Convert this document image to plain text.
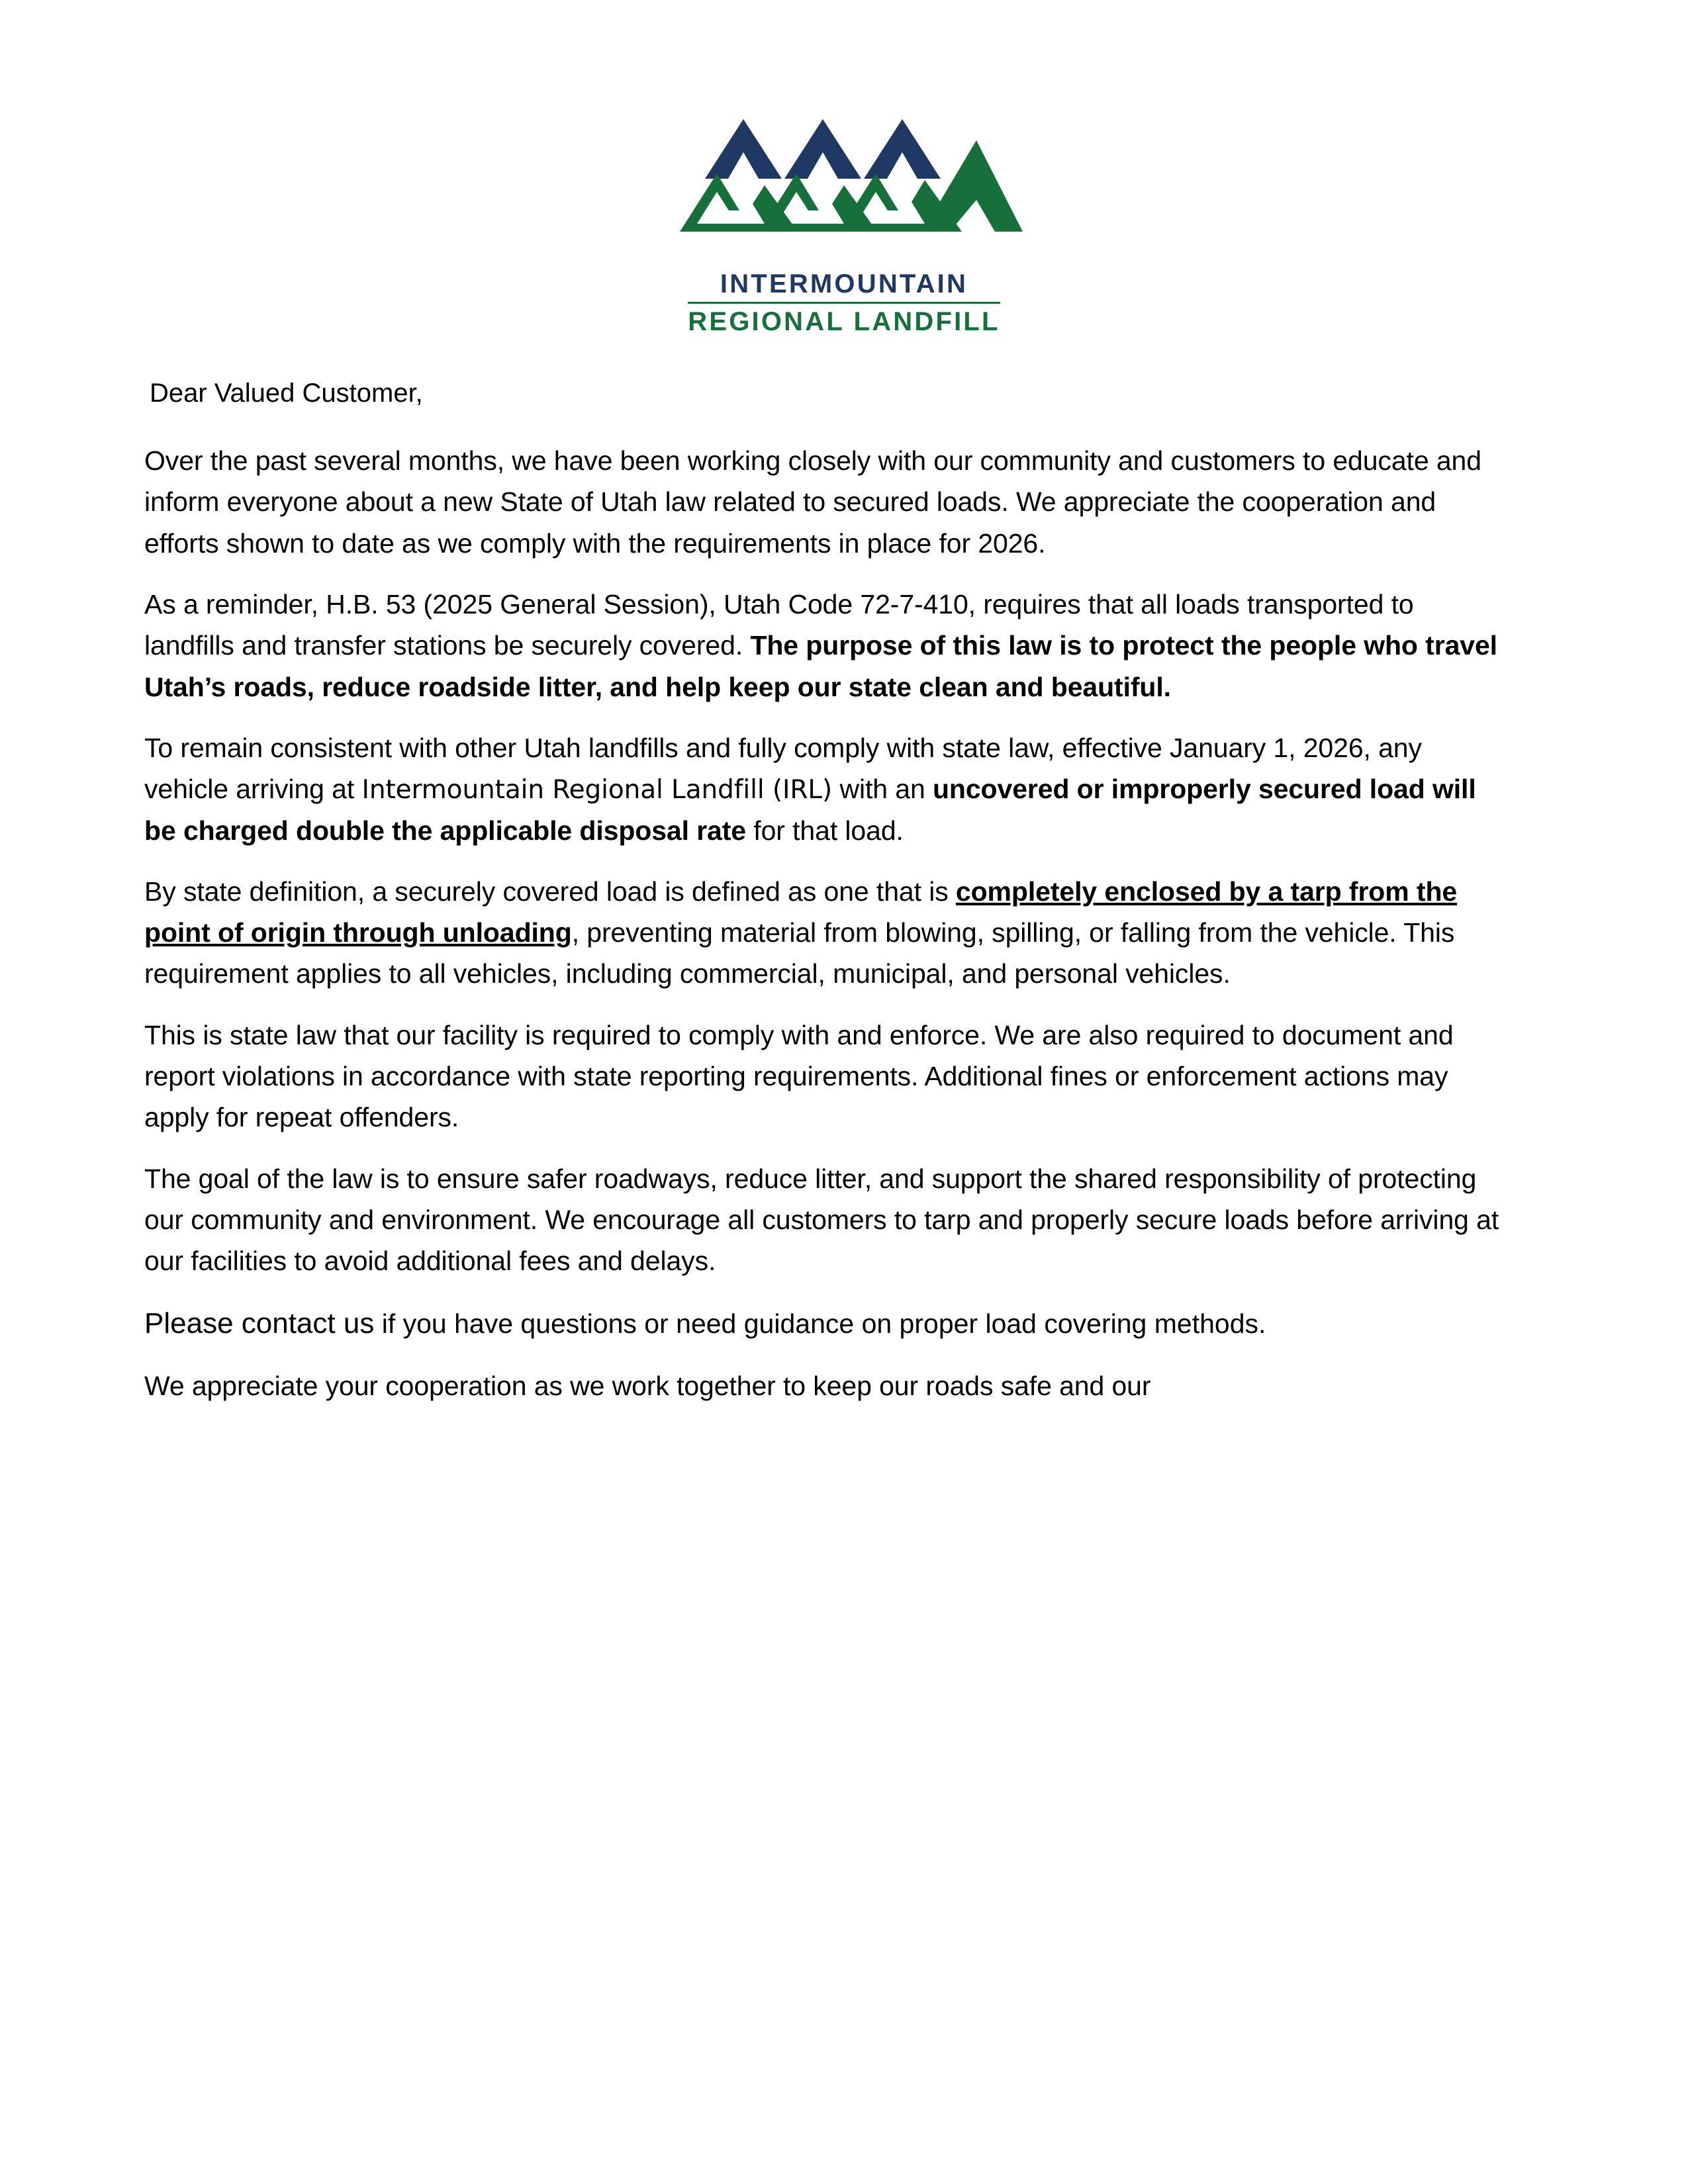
INTERMOUNTAIN
REGIONAL LANDFILL

Dear Valued Customer,

Over the past several months, we have been working closely with our community and customers to educate and inform everyone about a new State of Utah law related to secured loads. We appreciate the cooperation and efforts shown to date as we comply with the requirements in place for 2026.

As a reminder, H.B. 53 (2025 General Session), Utah Code 72-7-410, requires that all loads transported to landfills and transfer stations be securely covered. The purpose of this law is to protect the people who travel Utah’s roads, reduce roadside litter, and help keep our state clean and beautiful.

To remain consistent with other Utah landfills and fully comply with state law, effective January 1, 2026, any vehicle arriving at Intermountain Regional Landfill (IRL) with an uncovered or improperly secured load will be charged double the applicable disposal rate for that load.

By state definition, a securely covered load is defined as one that is completely enclosed by a tarp from the point of origin through unloading, preventing material from blowing, spilling, or falling from the vehicle. This requirement applies to all vehicles, including commercial, municipal, and personal vehicles.

This is state law that our facility is required to comply with and enforce. We are also required to document and report violations in accordance with state reporting requirements. Additional fines or enforcement actions may apply for repeat offenders.

The goal of the law is to ensure safer roadways, reduce litter, and support the shared responsibility of protecting our community and environment. We encourage all customers to tarp and properly secure loads before arriving at our facilities to avoid additional fees and delays.

Please contact us if you have questions or need guidance on proper load covering methods.

We appreciate your cooperation as we work together to keep our roads safe and our
